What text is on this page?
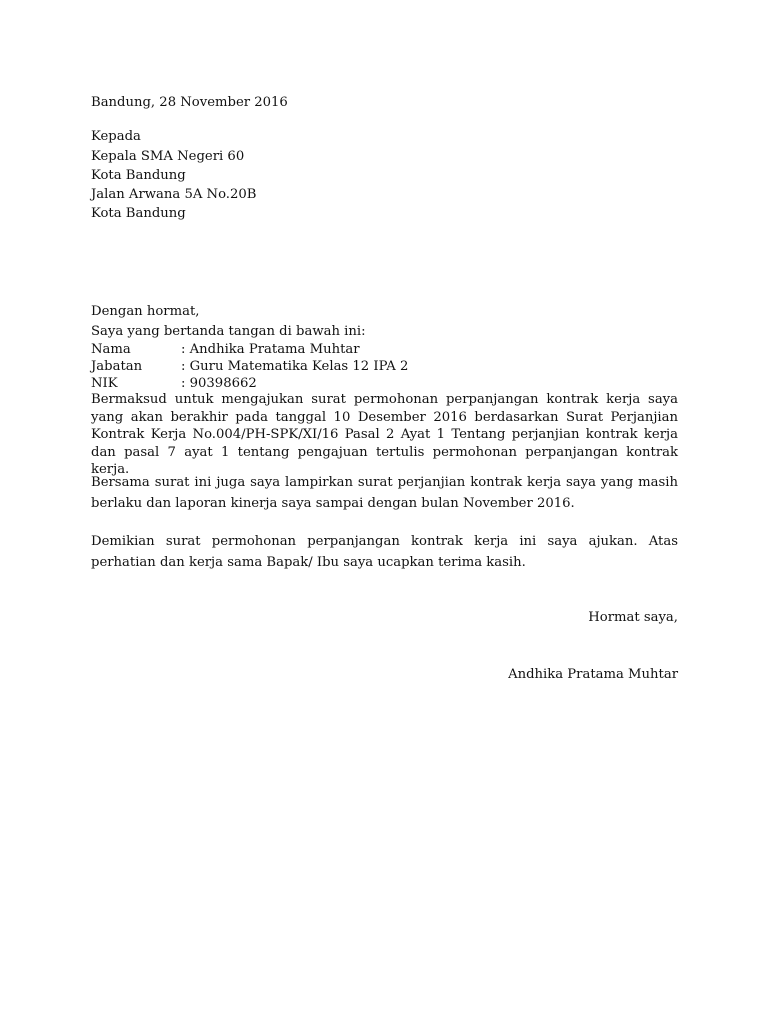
Bandung, 28 November 2016
Kepada
Kepala SMA Negeri 60
Kota Bandung
Jalan Arwana 5A No.20B
Kota Bandung
Dengan hormat,
Saya yang bertanda tangan di bawah ini:
Nama	: Andhika Pratama Muhtar
Jabatan	: Guru Matematika Kelas 12 IPA 2
NIK	: 90398662
Bermaksud untuk mengajukan surat permohonan perpanjangan kontrak kerja saya yang akan berakhir pada tanggal 10 Desember 2016 berdasarkan Surat Perjanjian Kontrak Kerja No.004/PH-SPK/XI/16 Pasal 2 Ayat 1 Tentang perjanjian kontrak kerja dan pasal 7 ayat 1 tentang pengajuan tertulis permohonan perpanjangan kontrak kerja.
Bersama surat ini juga saya lampirkan surat perjanjian kontrak kerja saya yang masih berlaku dan laporan kinerja saya sampai dengan bulan November 2016.
Demikian surat permohonan perpanjangan kontrak kerja ini saya ajukan. Atas perhatian dan kerja sama Bapak/ Ibu saya ucapkan terima kasih.
Hormat saya,
Andhika Pratama Muhtar
